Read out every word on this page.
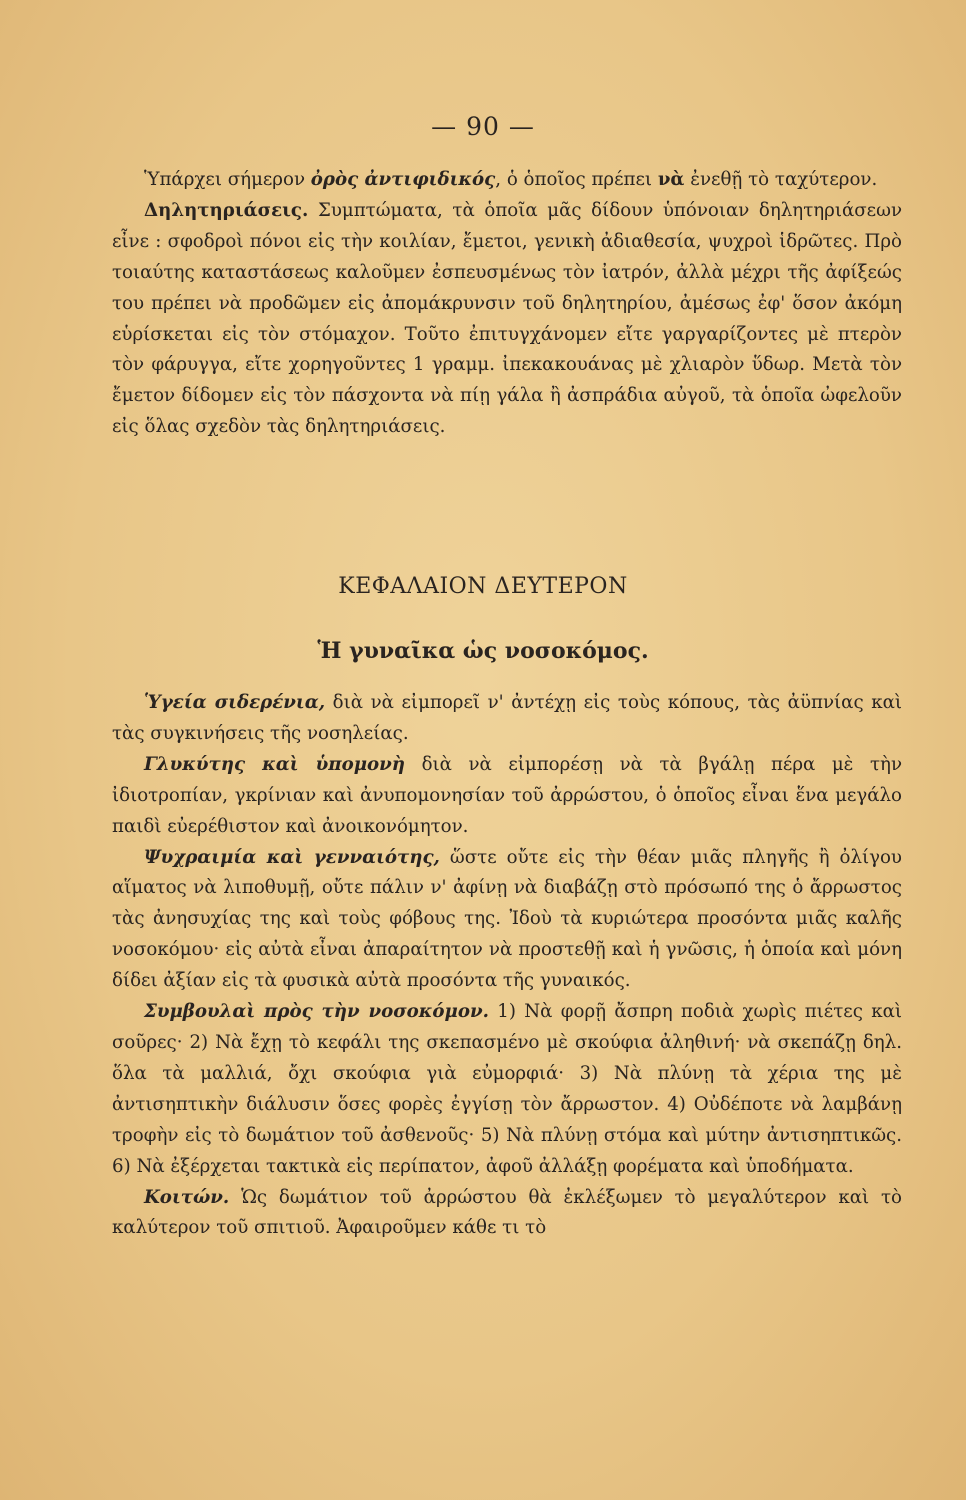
— 90 —

Ὑπάρχει σήμερον ὀρὸς ἀντιφιδικός, ὁ ὁποῖος πρέπει νὰ ἐνεθῇ τὸ ταχύτερον.

Δηλητηριάσεις. Συμπτώματα, τὰ ὁποῖα μᾶς δίδουν ὑπόνοιαν δηλητηριάσεων εἶνε : σφοδροὶ πόνοι εἰς τὴν κοιλίαν, ἔμετοι, γενικὴ ἀδιαθεσία, ψυχροὶ ἱδρῶτες. Πρὸ τοιαύτης καταστάσεως καλοῦμεν ἐσπευσμένως τὸν ἰατρόν, ἀλλὰ μέχρι τῆς ἀφίξεώς του πρέπει νὰ προδῶμεν εἰς ἀπομάκρυνσιν τοῦ δηλητηρίου, ἀμέσως ἐφ' ὅσον ἀκόμη εὑρίσκεται εἰς τὸν στόμαχον. Τοῦτο ἐπιτυγχάνομεν εἴτε γαργαρίζοντες μὲ πτερὸν τὸν φάρυγγα, εἴτε χορηγοῦντες 1 γραμμ. ἰπεκακουάνας μὲ χλιαρὸν ὕδωρ. Μετὰ τὸν ἔμετον δίδομεν εἰς τὸν πάσχοντα νὰ πίῃ γάλα ἢ ἀσπράδια αὐγοῦ, τὰ ὁποῖα ὠφελοῦν εἰς ὅλας σχεδὸν τὰς δηλητηριάσεις.

ΚΕΦΑΛΑΙΟΝ ΔΕΥΤΕΡΟΝ
Ἡ γυναῖκα ὡς νοσοκόμος.

Ὑγεία σιδερένια, διὰ νὰ εἰμπορεῖ ν' ἀντέχῃ εἰς τοὺς κόπους, τὰς ἀϋπνίας καὶ τὰς συγκινήσεις τῆς νοσηλείας.

Γλυκύτης καὶ ὑπομονὴ διὰ νὰ εἰμπορέσῃ νὰ τὰ βγάλῃ πέρα μὲ τὴν ἰδιοτροπίαν, γκρίνιαν καὶ ἀνυπομονησίαν τοῦ ἀρρώστου, ὁ ὁποῖος εἶναι ἕνα μεγάλο παιδὶ εὐερέθιστον καὶ ἀνοικονόμητον.

Ψυχραιμία καὶ γενναιότης, ὥστε οὔτε εἰς τὴν θέαν μιᾶς πληγῆς ἢ ὀλίγου αἵματος νὰ λιποθυμῇ, οὔτε πάλιν ν' ἀφίνῃ νὰ διαβάζῃ στὸ πρόσωπό της ὁ ἄρρωστος τὰς ἀνησυχίας της καὶ τοὺς φόβους της. Ἰδοὺ τὰ κυριώτερα προσόντα μιᾶς καλῆς νοσοκόμου· εἰς αὐτὰ εἶναι ἀπαραίτητον νὰ προστεθῇ καὶ ἡ γνῶσις, ἡ ὁποία καὶ μόνη δίδει ἀξίαν εἰς τὰ φυσικὰ αὐτὰ προσόντα τῆς γυναικός.

Συμβουλαὶ πρὸς τὴν νοσοκόμον. 1) Νὰ φορῇ ἄσπρη ποδιὰ χωρὶς πιέτες καὶ σοῦρες· 2) Νὰ ἔχῃ τὸ κεφάλι της σκεπασμένο μὲ σκούφια ἀληθινή· νὰ σκεπάζῃ δηλ. ὅλα τὰ μαλλιά, ὄχι σκούφια γιὰ εὐμορφιά· 3) Νὰ πλύνῃ τὰ χέρια της μὲ ἀντισηπτικὴν διάλυσιν ὅσες φορὲς ἐγγίσῃ τὸν ἄρρωστον. 4) Οὐδέποτε νὰ λαμβάνῃ τροφὴν εἰς τὸ δωμάτιον τοῦ ἀσθενοῦς· 5) Νὰ πλύνῃ στόμα καὶ μύτην ἀντισηπτικῶς. 6) Νὰ ἐξέρχεται τακτικὰ εἰς περίπατον, ἀφοῦ ἀλλάξῃ φορέματα καὶ ὑποδήματα.

Κοιτών. Ὡς δωμάτιον τοῦ ἀρρώστου θὰ ἐκλέξωμεν τὸ μεγαλύτερον καὶ τὸ καλύτερον τοῦ σπιτιοῦ. Ἀφαιροῦμεν κάθε τι τὸ
